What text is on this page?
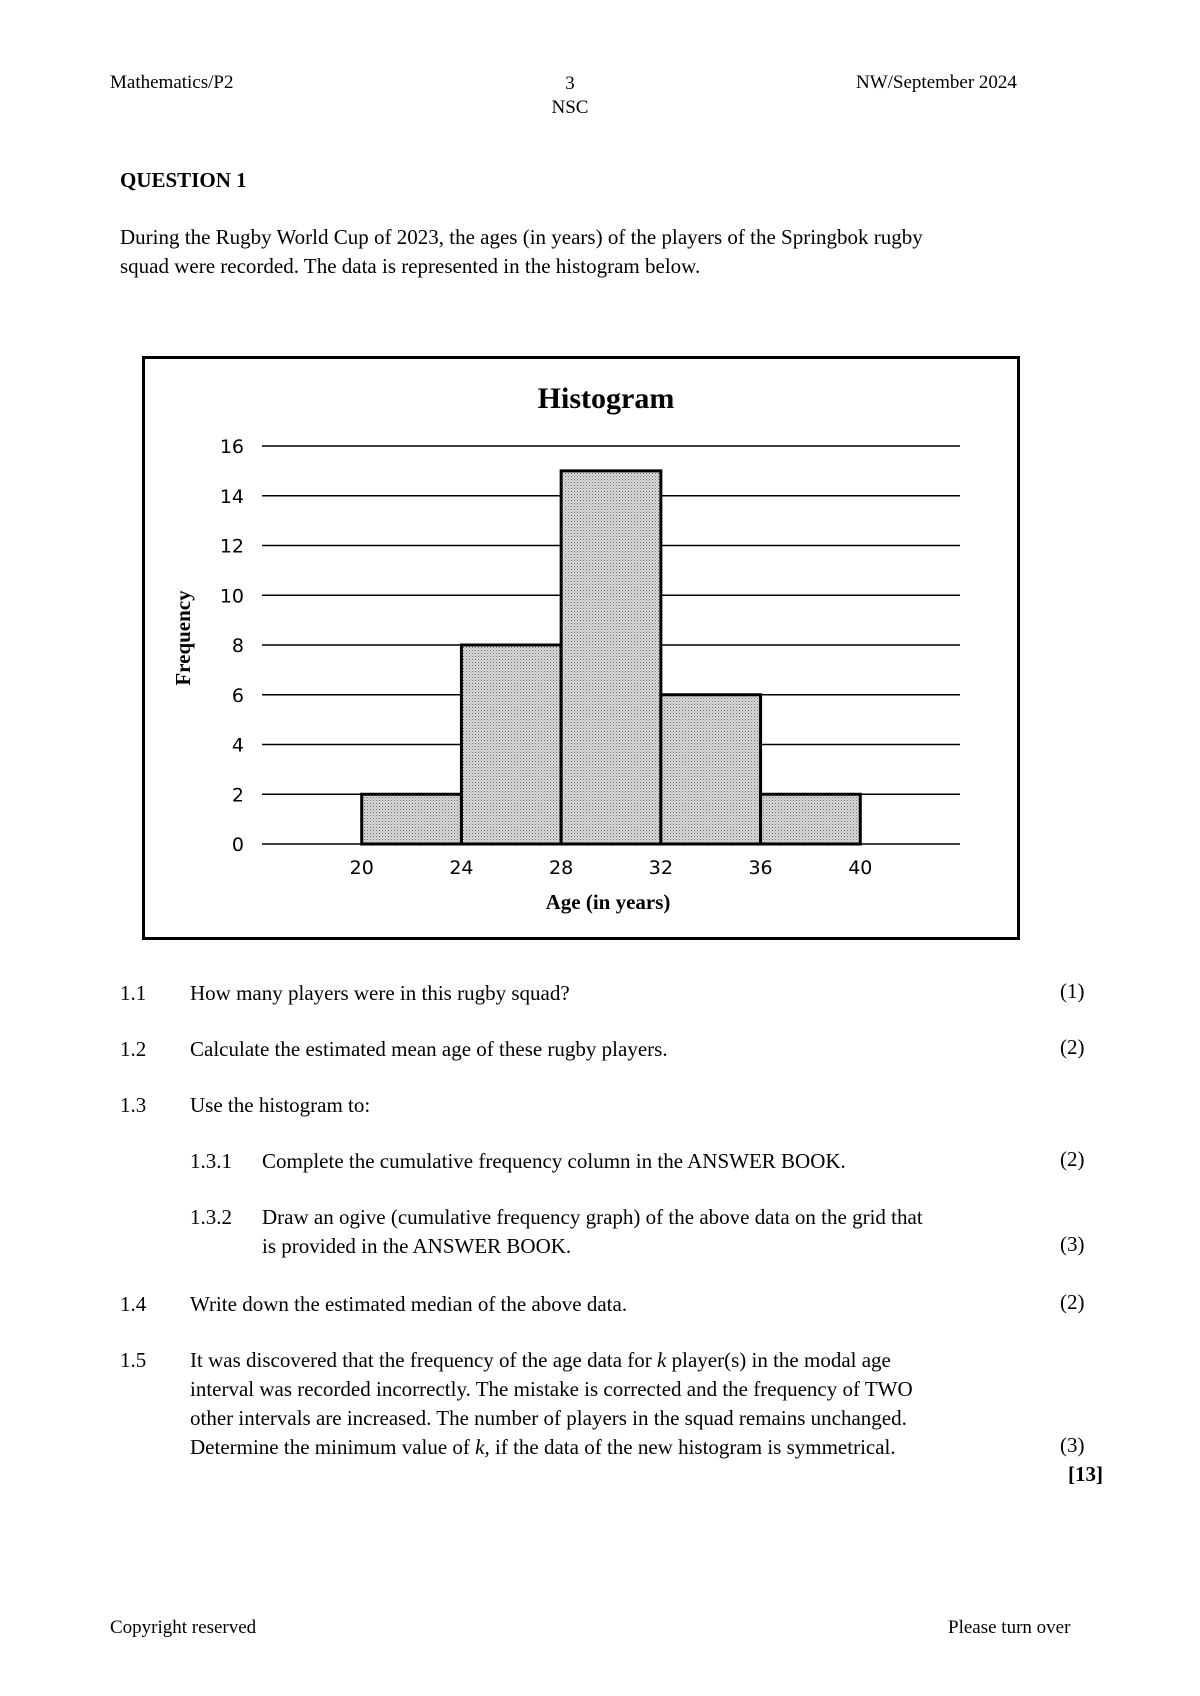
Mathematics/P2	3
NSC
NW/September 2024
QUESTION 1
During the Rugby World Cup of 2023, the ages (in years) of the players of the Springbok rugby
squad were recorded. The data is represented in the histogram below.
Histogram
0
2
4
6
8
10
12
14
16
20	24	28	32	36	40
Frequency
Age (in years)
1.1 How many players were in this rugby squad?	(1)
1.2 Calculate the estimated mean age of these rugby players.	(2)
1.3 Use the histogram to:
1.3.1 Complete the cumulative frequency column in the ANSWER BOOK.	(2)
1.3.2 Draw an ogive (cumulative frequency graph) of the above data on the grid that
is provided in the ANSWER BOOK.	(3)
1.4 Write down the estimated median of the above data.	(2)
1.5 It was discovered that the frequency of the age data for k player(s) in the modal age
interval was recorded incorrectly. The mistake is corrected and the frequency of TWO
other intervals are increased. The number of players in the squad remains unchanged.
Determine the minimum value of k, if the data of the new histogram is symmetrical.	(3)
[13]
Copyright reserved	Please turn over
